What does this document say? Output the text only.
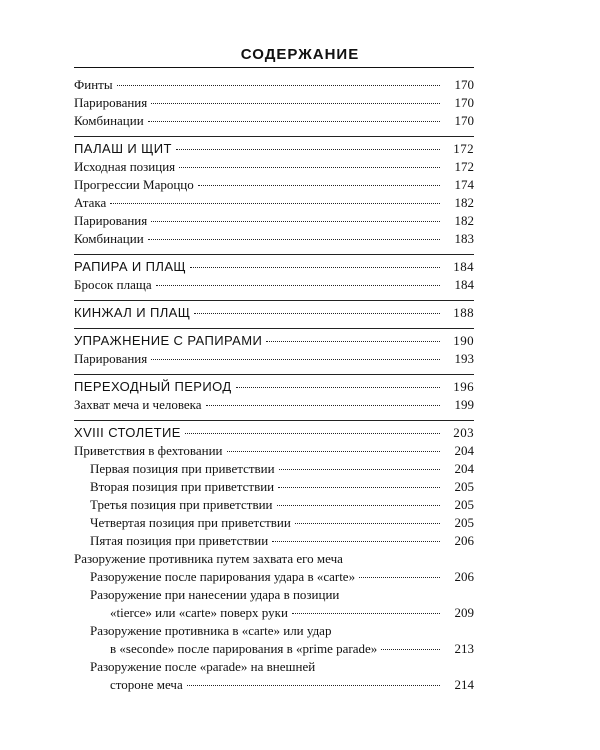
СОДЕРЖАНИЕ
Финты	170
Парирования	170
Комбинации	170
ПАЛАШ И ЩИТ	172
Исходная позиция	172
Прогрессии Мароццо	174
Атака	182
Парирования	182
Комбинации	183
РАПИРА И ПЛАЩ	184
Бросок плаща	184
КИНЖАЛ И ПЛАЩ	188
УПРАЖНЕНИЕ С РАПИРАМИ	190
Парирования	193
ПЕРЕХОДНЫЙ ПЕРИОД	196
Захват меча и человека	199
XVIII СТОЛЕТИЕ	203
Приветствия в фехтовании	204
Первая позиция при приветствии	204
Вторая позиция при приветствии	205
Третья позиция при приветствии	205
Четвертая позиция при приветствии	205
Пятая позиция при приветствии	206
Разоружение противника путем захвата его меча
Разоружение после парирования удара в «carte»	206
Разоружение при нанесении удара в позиции
«tierce» или «carte» поверх руки	209
Разоружение противника в «carte» или удар
в «seconde» после парирования в «prime parade»	213
Разоружение после «parade» на внешней
стороне меча	214
